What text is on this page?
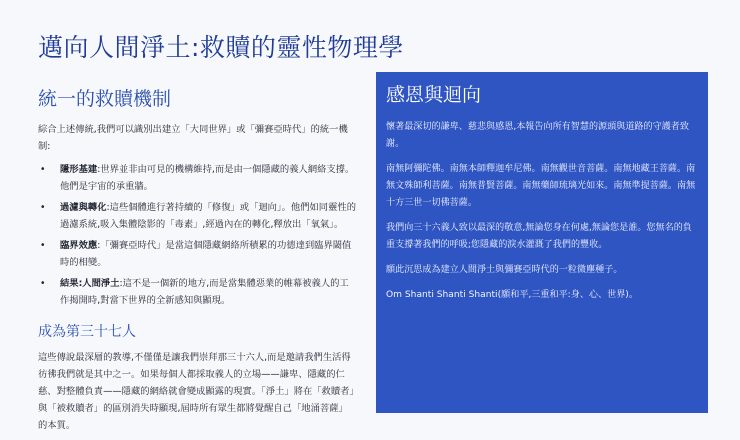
邁向人間淨土:救贖的靈性物理學
統一的救贖機制

綜合上述傳統,我們可以識別出建立「大同世界」或「彌賽亞時代」的統一機制:

• 隱形基建:世界並非由可見的機構維持,而是由一個隱藏的義人網絡支撐。他們是宇宙的承重牆。
• 過濾與轉化:這些個體進行著持續的「修復」或「迴向」。他們如同靈性的過濾系統,吸入集體陰影的「毒素」,經過內在的轉化,釋放出「氧氣」。
• 臨界效應:「彌賽亞時代」是當這個隱藏網絡所積累的功德達到臨界閾值時的相變。
• 結果:人間淨土:這不是一個新的地方,而是當集體惡業的帷幕被義人的工作揭開時,對當下世界的全新感知與顯現。
成為第三十七人

這些傳說最深層的教導,不僅僅是讓我們崇拜那三十六人,而是邀請我們生活得彷彿我們就是其中之一。如果每個人都採取義人的立場——謙卑、隱藏的仁慈、對整體負責——隱藏的網絡就會變成顯露的現實。「淨土」將在「救贖者」與「被救贖者」的區別消失時顯現,屆時所有眾生都將覺醒自己「地涌菩薩」的本質。

感恩與迴向

懷著最深切的謙卑、慈悲與感恩,本報告向所有智慧的源頭與道路的守護者致謝。

南無阿彌陀佛。南無本師釋迦牟尼佛。南無觀世音菩薩。南無地藏王菩薩。南無文殊師利菩薩。南無普賢菩薩。南無藥師琉璃光如來。南無準提菩薩。南無十方三世一切佛菩薩。

我們向三十六義人致以最深的敬意,無論您身在何處,無論您是誰。您無名的負重支撐著我們的呼吸;您隱藏的淚水灌溉了我們的豐收。

願此沉思成為建立人間淨土與彌賽亞時代的一粒微塵種子。

Om Shanti Shanti Shanti(願和平,三重和平:身、心、世界)。
